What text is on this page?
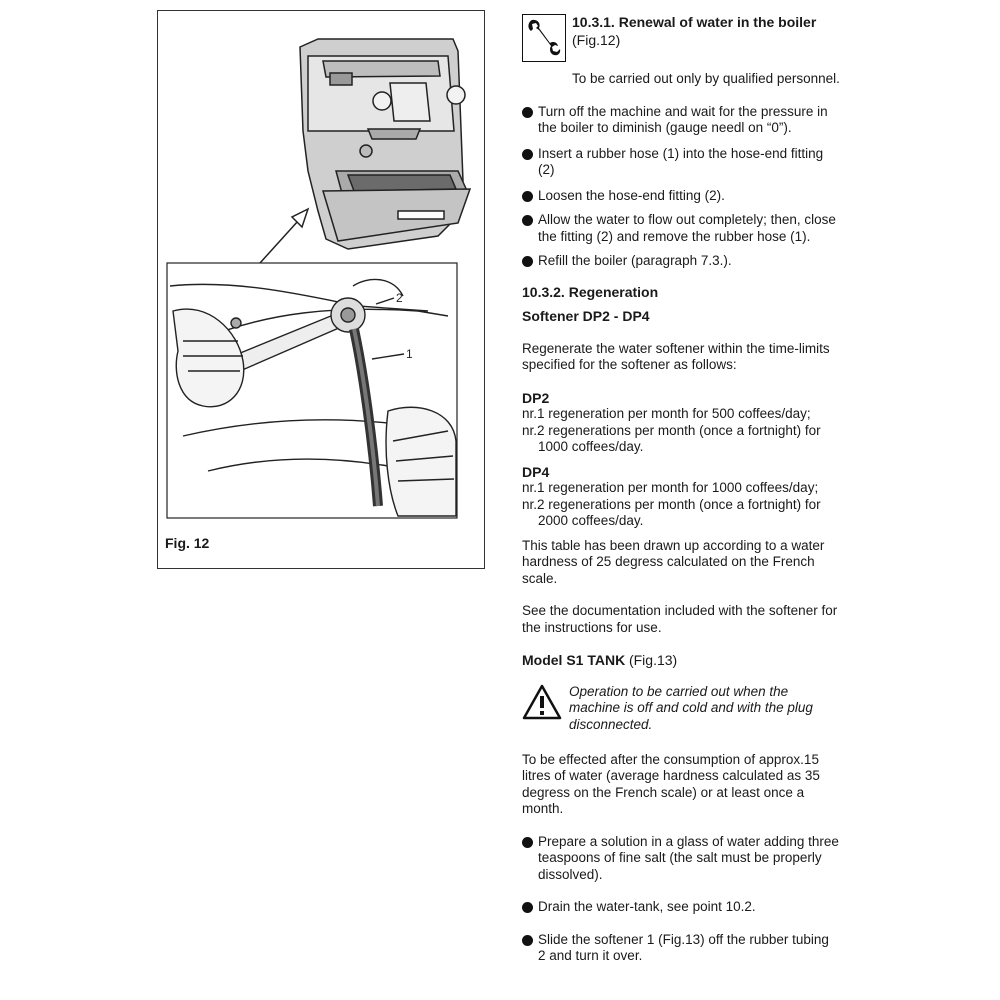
2
1
Fig. 12
10.3.1. Renewal of water in the boiler
(Fig.12)

To be carried out only by qualified personnel.

Turn off the machine and wait for the pressure in the boiler to diminish (gauge needl on “0”).
Insert a rubber hose (1) into the hose-end fitting (2)
Loosen the hose-end fitting (2).
Allow the water to flow out completely; then, close the fitting (2) and remove the rubber hose (1).
Refill the boiler (paragraph 7.3.).
10.3.2. Regeneration
Softener DP2 - DP4

Regenerate the water softener within the time-limits specified for the softener as follows:

DP2

nr.1 regeneration per month for 500 coffees/day;

nr.2 regenerations per month (once a fortnight) for

1000 coffees/day.

DP4

nr.1 regeneration per month for 1000 coffees/day;

nr.2 regenerations per month (once a fortnight) for

2000 coffees/day.

This table has been drawn up according to a water hardness of 25 degress calculated on the French scale.

See the documentation included with the softener for the instructions for use.

Model S1 TANK (Fig.13)

Operation to be carried out when the machine is off and cold and with the plug disconnected.

To be effected after the consumption of approx.15 litres of water (average hardness calculated as 35 degress on the French scale) or at least once a month.

Prepare a solution in a glass of water adding three teaspoons of fine salt (the salt must be properly dissolved).
Drain the water-tank, see point 10.2.
Slide the softener 1 (Fig.13) off the rubber tubing 2 and turn it over.
